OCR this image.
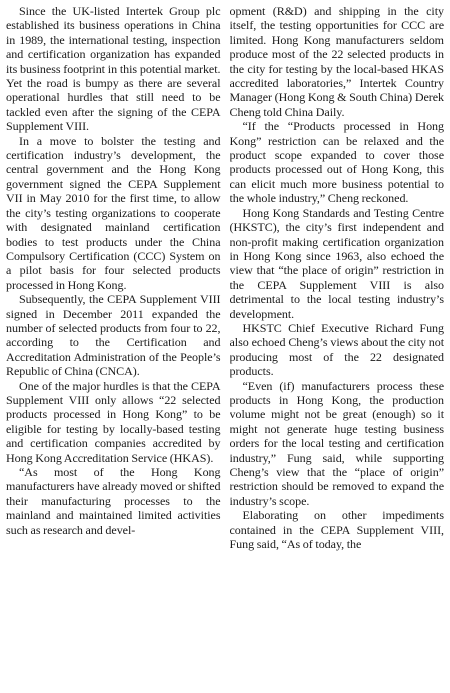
Since the UK-listed Intertek Group plc established its business operations in China in 1989, the international testing, inspection and certification organization has expanded its business footprint in this potential market. Yet the road is bumpy as there are several operational hurdles that still need to be tackled even after the signing of the CEPA Supplement VIII.

In a move to bolster the testing and certification industry’s development, the central government and the Hong Kong government signed the CEPA Supplement VII in May 2010 for the first time, to allow the city’s testing organizations to cooperate with designated mainland certification bodies to test products under the China Compulsory Certification (CCC) System on a pilot basis for four selected products processed in Hong Kong.

Subsequently, the CEPA Supplement VIII signed in December 2011 expanded the number of selected products from four to 22, according to the Certification and Accreditation Administration of the People’s Republic of China (CNCA).

One of the major hurdles is that the CEPA Supplement VIII only allows “22 selected products processed in Hong Kong” to be eligible for testing by locally-based testing and certification companies accredited by Hong Kong Accreditation Service (HKAS).

“As most of the Hong Kong manufacturers have already moved or shifted their manufacturing processes to the mainland and maintained limited activities such as research and devel-

opment (R&D) and shipping in the city itself, the testing opportunities for CCC are limited. Hong Kong manufacturers seldom produce most of the 22 selected products in the city for testing by the local-based HKAS accredited laboratories,” Intertek Country Manager (Hong Kong & South China) Derek Cheng told China Daily.

“If the “Products processed in Hong Kong” restriction can be relaxed and the product scope expanded to cover those products processed out of Hong Kong, this can elicit much more business potential to the whole industry,” Cheng reckoned.

Hong Kong Standards and Testing Centre (HKSTC), the city’s first independent and non-profit making certification organization in Hong Kong since 1963, also echoed the view that “the place of origin” restriction in the CEPA Supplement VIII is also detrimental to the local testing industry’s development.

HKSTC Chief Executive Richard Fung also echoed Cheng’s views about the city not producing most of the 22 designated products.

“Even (if) manufacturers process these products in Hong Kong, the production volume might not be great (enough) so it might not generate huge testing business orders for the local testing and certification industry,” Fung said, while supporting Cheng’s view that the “place of origin” restriction should be removed to expand the industry’s scope.

Elaborating on other impediments contained in the CEPA Supplement VIII, Fung said, “As of today, the
